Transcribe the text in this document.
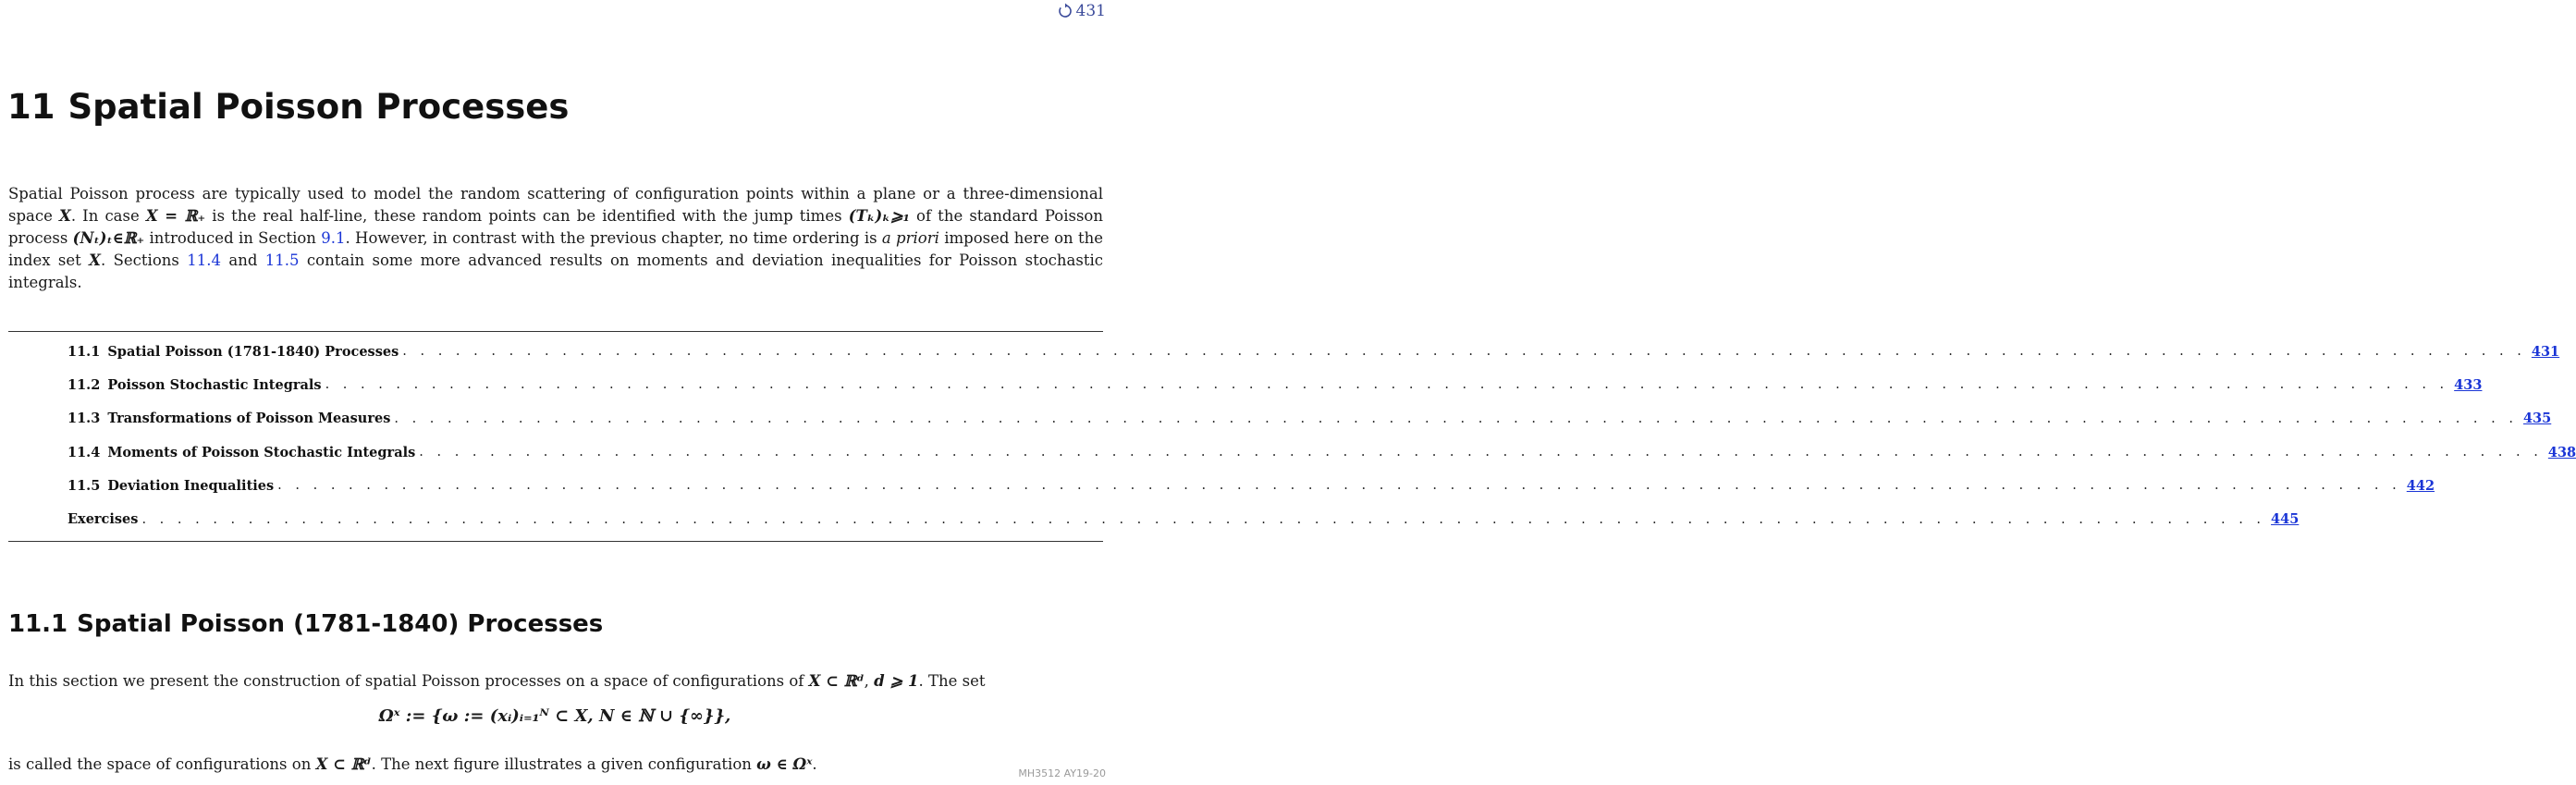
431
11 Spatial Poisson Processes

Spatial Poisson process are typically used to model the random scattering of configuration points within a plane or a three-dimensional space X. In case X = ℝ₊ is the real half-line, these random points can be identified with the jump times (Tₖ)ₖ⩾₁ of the standard Poisson process (Nₜ)ₜ∈ℝ₊ introduced in Section 9.1. However, in contrast with the previous chapter, no time ordering is a priori imposed here on the index set X. Sections 11.4 and 11.5 contain some more advanced results on moments and deviation inequalities for Poisson stochastic integrals.

11.1 Spatial Poisson (1781-1840) Processes . . . . . . . . . . . . . . . . . . . . . . . . . . . . . . . . . . . . . . . . . . . . . . . . . . . . . . . . . . . . . . . . . . . . . . . . . . . . . . . . . . . . . . . . . . . . . . . . . . . . . . . . . . . . . . . . . . . . . . . . 431
11.2 Poisson Stochastic Integrals . . . . . . . . . . . . . . . . . . . . . . . . . . . . . . . . . . . . . . . . . . . . . . . . . . . . . . . . . . . . . . . . . . . . . . . . . . . . . . . . . . . . . . . . . . . . . . . . . . . . . . . . . . . . . . . . . . . . . . . . 433
11.3 Transformations of Poisson Measures . . . . . . . . . . . . . . . . . . . . . . . . . . . . . . . . . . . . . . . . . . . . . . . . . . . . . . . . . . . . . . . . . . . . . . . . . . . . . . . . . . . . . . . . . . . . . . . . . . . . . . . . . . . . . . . . . . . . . . . . 435
11.4 Moments of Poisson Stochastic Integrals . . . . . . . . . . . . . . . . . . . . . . . . . . . . . . . . . . . . . . . . . . . . . . . . . . . . . . . . . . . . . . . . . . . . . . . . . . . . . . . . . . . . . . . . . . . . . . . . . . . . . . . . . . . . . . . . . . . . . . . . 438
11.5 Deviation Inequalities . . . . . . . . . . . . . . . . . . . . . . . . . . . . . . . . . . . . . . . . . . . . . . . . . . . . . . . . . . . . . . . . . . . . . . . . . . . . . . . . . . . . . . . . . . . . . . . . . . . . . . . . . . . . . . . . . . . . . . . . 442
Exercises . . . . . . . . . . . . . . . . . . . . . . . . . . . . . . . . . . . . . . . . . . . . . . . . . . . . . . . . . . . . . . . . . . . . . . . . . . . . . . . . . . . . . . . . . . . . . . . . . . . . . . . . . . . . . . . . . . . . . . . . 445
11.1 Spatial Poisson (1781-1840) Processes

In this section we present the construction of spatial Poisson processes on a space of configurations of X ⊂ ℝᵈ, d ⩾ 1. The set

Ωˣ := {ω := (xᵢ)ᵢ₌₁ᴺ ⊂ X, N ∈ ℕ ∪ {∞}},

is called the space of configurations on X ⊂ ℝᵈ. The next figure illustrates a given configuration ω ∈ Ωˣ.

MH3512 AY19-20
